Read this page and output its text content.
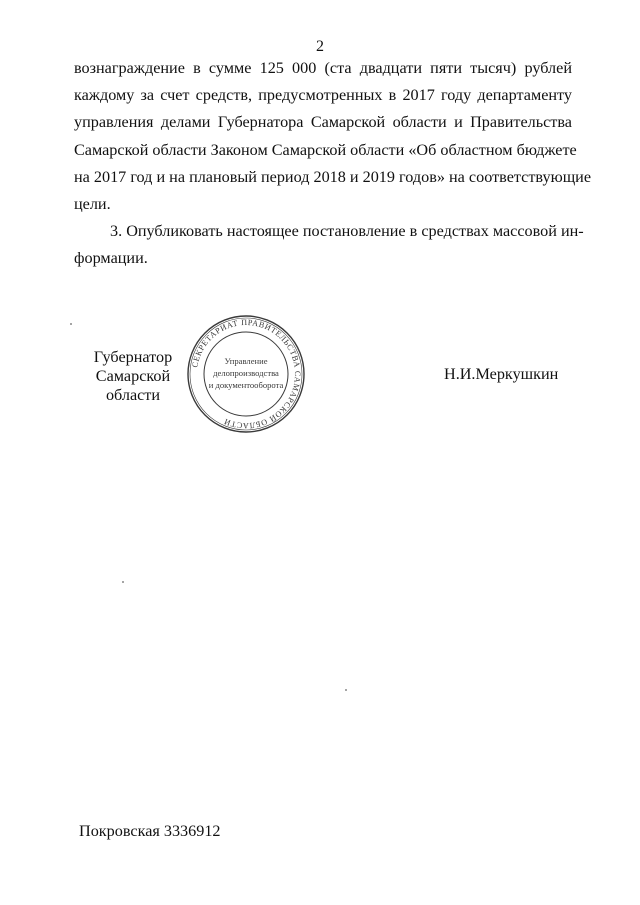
2

вознаграждение в сумме 125 000 (ста двадцати пяти тысяч) рублей
каждому за счет средств, предусмотренных в 2017 году департаменту
управления делами Губернатора Самарской области и Правительства
Самарской области Законом Самарской области «Об областном бюджете
на 2017 год и на плановый период 2018 и 2019 годов» на соответствующие
цели.

3. Опубликовать настоящее постановление в средствах массовой ин-
формации.

Губернатор
Самарской области
СЕКРЕТАРИАТ ПРАВИТЕЛЬСТВА САМАРСКОЙ ОБЛАСТИ
Управление
делопроизводства
и документооборота
Н.И.Меркушкин
Покровская 3336912
